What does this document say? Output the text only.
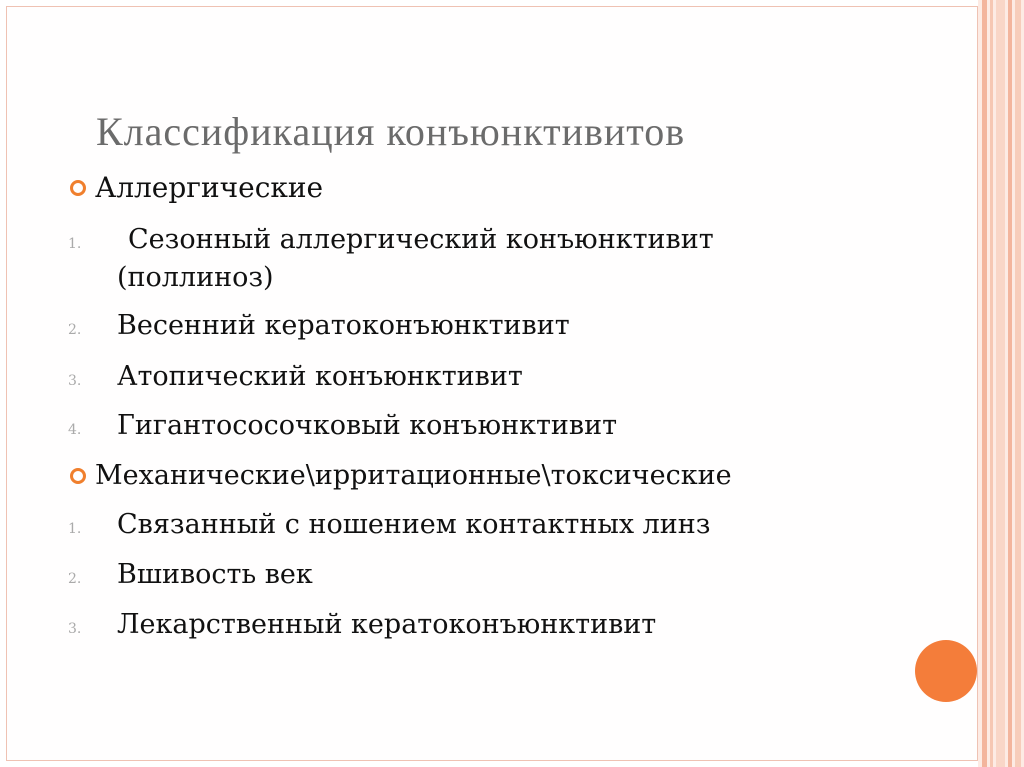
Классификация конъюнктивитов
Аллергические
1. Сезонный аллергический конъюнктивит
(поллиноз)
2. Весенний кератоконъюнктивит
3. Атопический конъюнктивит
4. Гигантососочковый конъюнктивит
Механические\ирритационные\токсические
1. Связанный с ношением контактных линз
2. Вшивость век
3. Лекарственный кератоконъюнктивит
